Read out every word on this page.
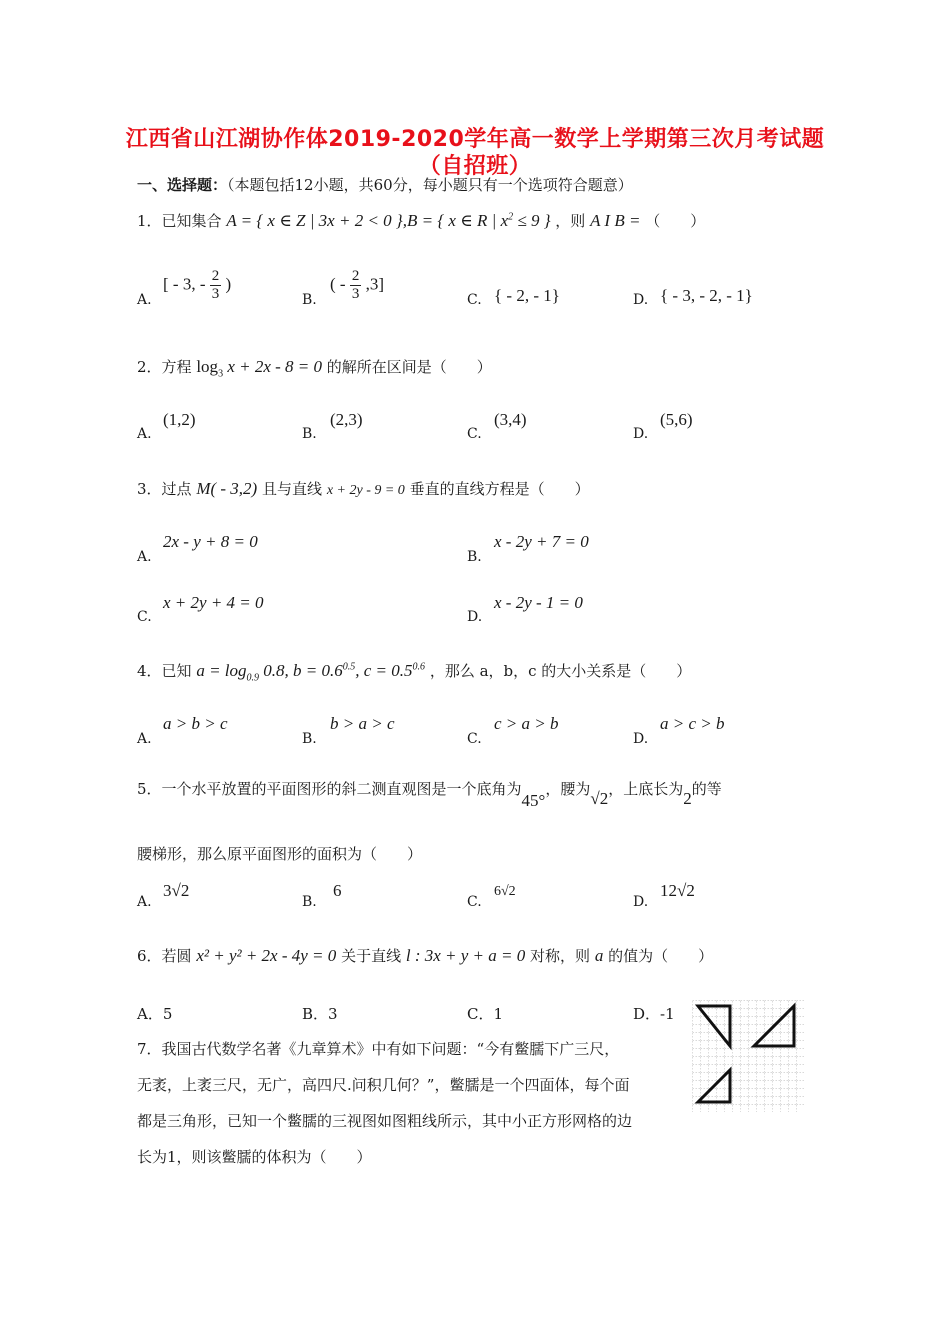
江西省山江湖协作体2019-2020学年高一数学上学期第三次月考试题
（自招班）
一、选择题：（本题包括12小题，共60分，每小题只有一个选项符合题意）
1．已知集合 A = { x ∈ Z | 3x + 2 < 0 },B = { x ∈ R | $x^2 \le 9$ } ，则 A I B = （　　）
A.
[ - 3, - $\frac{2}{3}$ )
B.
( - $\frac{2}{3} ,3$]
C. { - 2, - 1}	D. { - 3, - 2, - 1}
2．方程 $\log_3 x + 2x - 8 = 0$ 的解所在区间是（　　）
A.
(1,2)
B.
(2,3)
C.
(3,4)
D.
(5,6)
3．过点 M( - 3,2) 且与直线 x + 2y - 9 = 0 垂直的直线方程是（　　）
A.
2x - y + 8 = 0
B.
x - 2y + 7 = 0
C.
x + 2y + 4 = 0
D.
x - 2y - 1 = 0
4．已知 $a = \log_{0.9} 0.8$, $b = 0.6^{0.5}$, $c = 0.5^{0.6}$ ，那么 a，b，c 的大小关系是（　　）
A.
a > b > c
B.
b > a > c
C.
c > a > b
D.
a > c > b
5．一个水平放置的平面图形的斜二测直观图是一个底角为45°，腰为√2，上底长为2的等
腰梯形，那么原平面图形的面积为（　　）
A.
3√2
B.
6
C.
6√2
D.
12√2
6．若圆 x² + y² + 2x - 4y = 0 关于直线 l : 3x + y + a = 0 对称，则 a 的值为（　　）
A．5	B．3	C．1	D．-1
7．我国古代数学名著《九章算术》中有如下问题：“今有鳖臑下广三尺，
无袤，上袤三尺，无广，高四尺.问积几何？”，鳖臑是一个四面体，每个面
都是三角形，已知一个鳖臑的三视图如图粗线所示，其中小正方形网格的边
长为1，则该鳖臑的体积为（　　）
